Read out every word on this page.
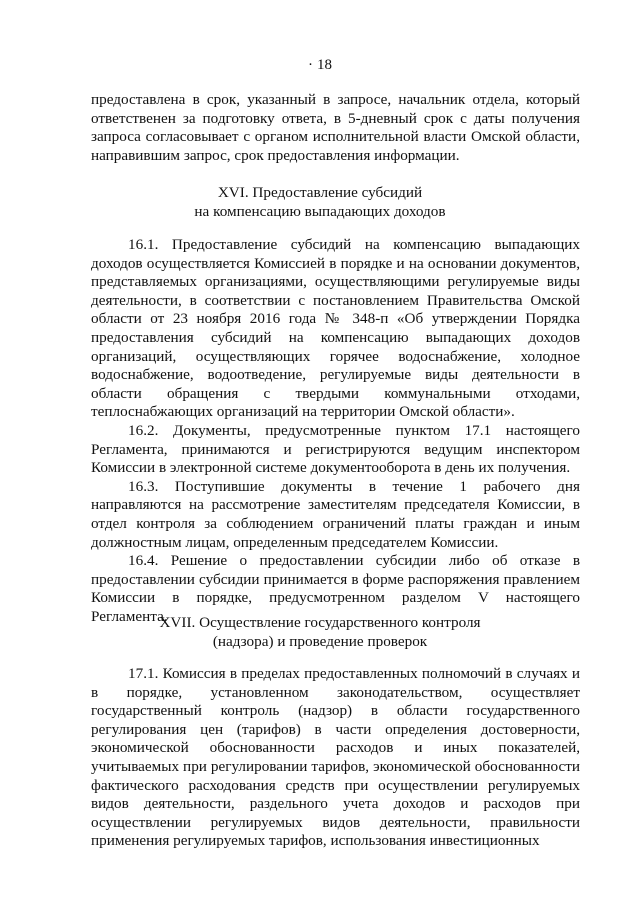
· 18

предоставлена в срок, указанный в запросе, начальник отдела, который ответственен за подготовку ответа, в 5-дневный срок с даты получения запроса согласовывает с органом исполнительной власти Омской области, направившим запрос, срок предоставления информации.

XVI. Предоставление субсидий
на компенсацию выпадающих доходов

16.1. Предоставление субсидий на компенсацию выпадающих доходов осуществляется Комиссией в порядке и на основании документов, представляемых организациями, осуществляющими регулируемые виды деятельности, в соответствии с постановлением Правительства Омской области от 23 ноября 2016 года № 348-п «Об утверждении Порядка предоставления субсидий на компенсацию выпадающих доходов организаций, осуществляющих горячее водоснабжение, холодное водоснабжение, водоотведение, регулируемые виды деятельности в области обращения с твердыми коммунальными отходами, теплоснабжающих организаций на территории Омской области».

16.2. Документы, предусмотренные пунктом 17.1 настоящего Регламента, принимаются и регистрируются ведущим инспектором Комиссии в электронной системе документооборота в день их получения.

16.3. Поступившие документы в течение 1 рабочего дня направляются на рассмотрение заместителям председателя Комиссии, в отдел контроля за соблюдением ограничений платы граждан и иным должностным лицам, определенным председателем Комиссии.

16.4. Решение о предоставлении субсидии либо об отказе в предоставлении субсидии принимается в форме распоряжения правлением Комиссии в порядке, предусмотренном разделом V настоящего Регламента.

XVII. Осуществление государственного контроля
(надзора) и проведение проверок

17.1. Комиссия в пределах предоставленных полномочий в случаях и в порядке, установленном законодательством, осуществляет государственный контроль (надзор) в области государственного регулирования цен (тарифов) в части определения достоверности, экономической обоснованности расходов и иных показателей, учитываемых при регулировании тарифов, экономической обоснованности фактического расходования средств при осуществлении регулируемых видов деятельности, раздельного учета доходов и расходов при осуществлении регулируемых видов деятельности, правильности применения регулируемых тарифов, использования инвестиционных
